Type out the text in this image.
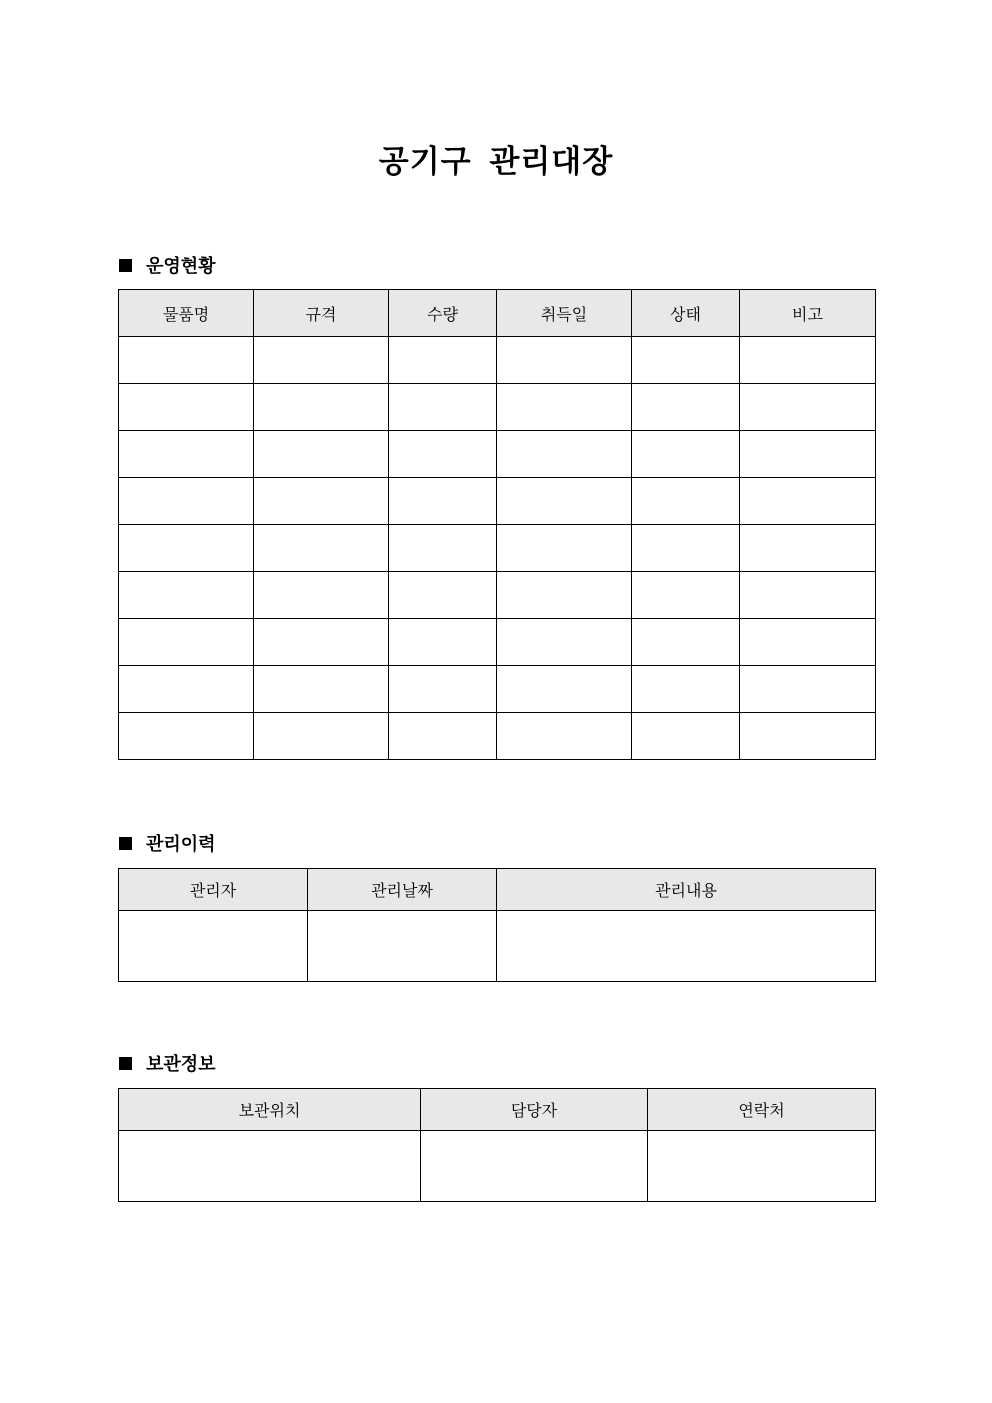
공기구 관리대장
운영현황
물품명	규격	수량	취득일	상태	비고

관리이력
관리자	관리날짜	관리내용

보관정보
보관위치	담당자	연락처
